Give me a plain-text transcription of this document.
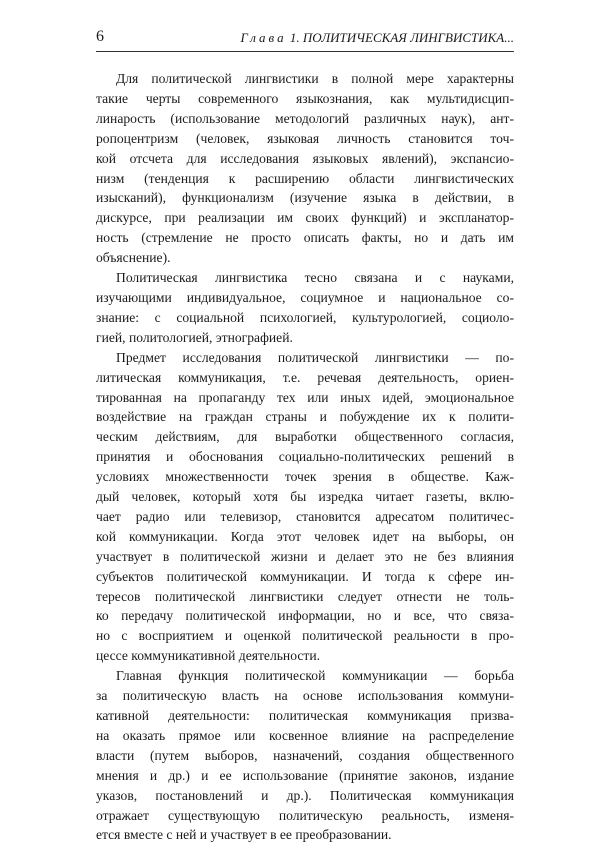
6	Глава 1. ПОЛИТИЧЕСКАЯ ЛИНГВИСТИКА...
Для политической лингвистики в полной мере характерны
такие черты современного языкознания, как мультидисцип-
линарость (использование методологий различных наук), ант-
ропоцентризм (человек, языковая личность становится точ-
кой отсчета для исследования языковых явлений), экспансио-
низм (тенденция к расширению области лингвистических
изысканий), функционализм (изучение языка в действии, в
дискурсе, при реализации им своих функций) и экспланатор-
ность (стремление не просто описать факты, но и дать им
объяснение).
Политическая лингвистика тесно связана и с науками,
изучающими индивидуальное, социумное и национальное со-
знание: с социальной психологией, культурологией, социоло-
гией, политологией, этнографией.
Предмет исследования политической лингвистики — по-
литическая коммуникация, т.е. речевая деятельность, ориен-
тированная на пропаганду тех или иных идей, эмоциональное
воздействие на граждан страны и побуждение их к полити-
ческим действиям, для выработки общественного согласия,
принятия и обоснования социально-политических решений в
условиях множественности точек зрения в обществе. Каж-
дый человек, который хотя бы изредка читает газеты, вклю-
чает радио или телевизор, становится адресатом политичес-
кой коммуникации. Когда этот человек идет на выборы, он
участвует в политической жизни и делает это не без влияния
субъектов политической коммуникации. И тогда к сфере ин-
тересов политической лингвистики следует отнести не толь-
ко передачу политической информации, но и все, что связа-
но с восприятием и оценкой политической реальности в про-
цессе коммуникативной деятельности.
Главная функция политической коммуникации — борьба
за политическую власть на основе использования коммуни-
кативной деятельности: политическая коммуникация призва-
на оказать прямое или косвенное влияние на распределение
власти (путем выборов, назначений, создания общественного
мнения и др.) и ее использование (принятие законов, издание
указов, постановлений и др.). Политическая коммуникация
отражает существующую политическую реальность, изменя-
ется вместе с ней и участвует в ее преобразовании.
